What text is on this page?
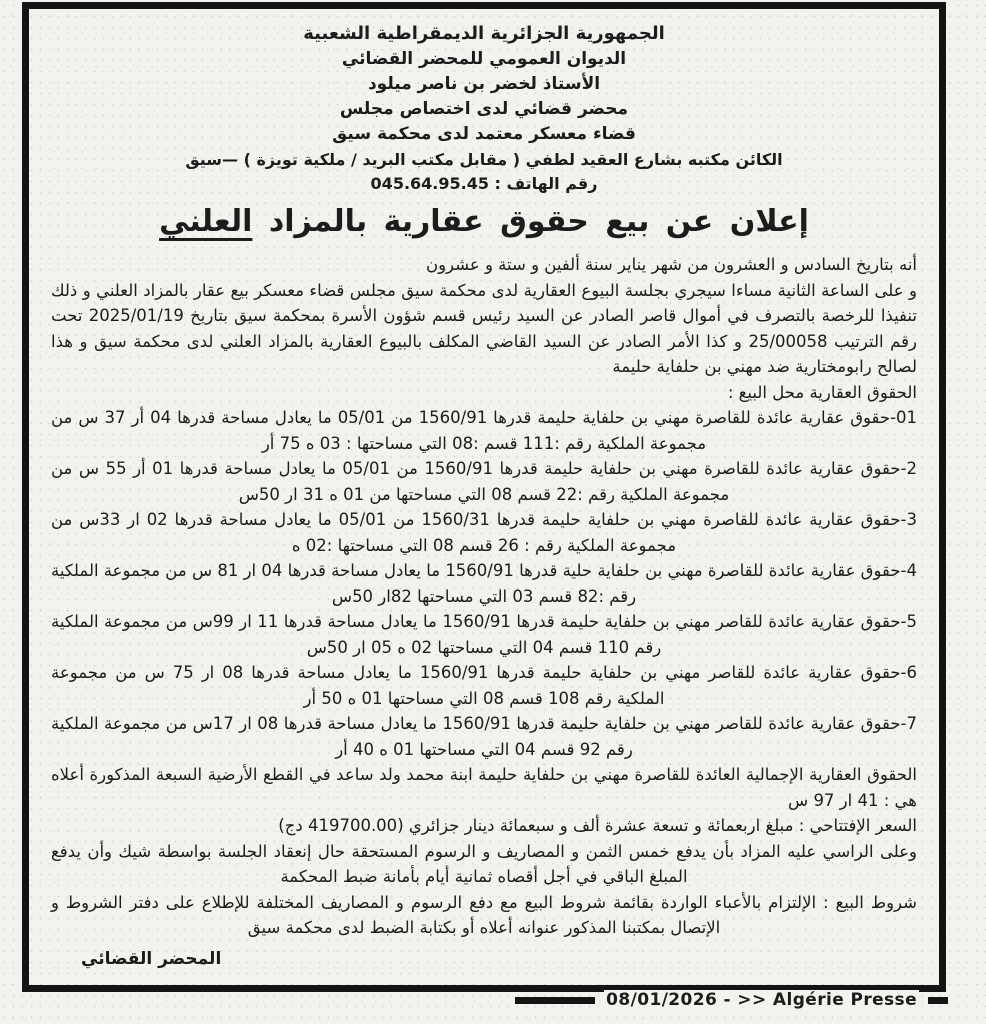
الجمهورية الجزائرية الديمقراطية الشعبية
الديوان العمومي للمحضر القضائي
الأستاذ لخضر بن ناصر ميلود
محضر قضائي لدى اختصاص مجلس
قضاء معسكر معتمد لدى محكمة سيق
الكائن مكتبه بشارع العقيد لطفي ( مقابل مكتب البريد / ملكية تويزة ) —سيق
رقم الهاتف : 045.64.95.45
إعلان عن بيع حقوق عقارية بالمزاد العلني

أنه بتاريخ السادس و العشرون من شهر يناير سنة ألفين و ستة و عشرون

و على الساعة الثانية مساءا سيجري بجلسة البيوع العقارية لدى محكمة سيق مجلس قضاء معسكر بيع عقار بالمزاد العلني و ذلك تنفيذا للرخصة بالتصرف في أموال قاصر الصادر عن السيد رئيس قسم شؤون الأسرة بمحكمة سيق بتاريخ 2025/01/19 تحت رقم الترتيب 25/00058 و كذا الأمر الصادر عن السيد القاضي المكلف بالبيوع العقارية بالمزاد العلني لدى محكمة سيق و هذا لصالح رابومختارية ضد مهني بن حلفاية حليمة

الحقوق العقارية محل البيع :

01-حقوق عقارية عائدة للقاصرة مهني بن حلفاية حليمة قدرها 1560/91 من 05/01 ما يعادل مساحة قدرها 04 أر 37 س من مجموعة الملكية رقم :111 قسم :08 التي مساحتها : 03 ه 75 أر

2-حقوق عقارية عائدة للقاصرة مهني بن حلفاية حليمة قدرها 1560/91 من 05/01 ما يعادل مساحة قدرها 01 أر 55 س من مجموعة الملكية رقم :22 قسم 08 التي مساحتها من 01 ه 31 ار 50س

3-حقوق عقارية عائدة للقاصرة مهني بن حلفاية حليمة قدرها 1560/31 من 05/01 ما يعادل مساحة قدرها 02 ار 33س من مجموعة الملكية رقم : 26 قسم 08 التي مساحتها :02 ه

4-حقوق عقارية عائدة للقاصرة مهني بن حلفاية حلية قدرها 1560/91 ما يعادل مساحة قدرها 04 ار 81 س من مجموعة الملكية رقم :82 قسم 03 التي مساحتها 82ار 50س

5-حقوق عقارية عائدة للقاصر مهني بن حلفاية حليمة قدرها 1560/91 ما يعادل مساحة قدرها 11 ار 99س من مجموعة الملكية رقم 110 قسم 04 التي مساحتها 02 ه 05 ار 50س

6-حقوق عقارية عائدة للقاصر مهني بن حلفاية حليمة قدرها 1560/91 ما يعادل مساحة قدرها 08 ار 75 س من مجموعة الملكية رقم 108 قسم 08 التي مساحتها 01 ه 50 أر

7-حقوق عقارية عائدة للقاصر مهني بن حلفاية حليمة قدرها 1560/91 ما يعادل مساحة قدرها 08 ار 17س من مجموعة الملكية رقم 92 قسم 04 التي مساحتها 01 ه 40 أر

الحقوق العقارية الإجمالية العائدة للقاصرة مهني بن حلفاية حليمة ابنة محمد ولد ساعد في القطع الأرضية السبعة المذكورة أعلاه هي : 41 ار 97 س

السعر الإفتتاحي : مبلغ اربعمائة و تسعة عشرة ألف و سبعمائة دينار جزائري (419700.00 دج)

وعلى الراسي عليه المزاد بأن يدفع خمس الثمن و المصاريف و الرسوم المستحقة حال إنعقاد الجلسة بواسطة شيك وأن يدفع المبلغ الباقي في أجل أقصاه ثمانية أيام بأمانة ضبط المحكمة

شروط البيع : الإلتزام بالأعباء الواردة بقائمة شروط البيع مع دفع الرسوم و المصاريف المختلفة للإطلاع على دفتر الشروط و الإتصال بمكتبنا المذكور عنوانه أعلاه أو بكتابة الضبط لدى محكمة سيق

المحضر القضائي
08/01/2026 - >> Algérie Presse
